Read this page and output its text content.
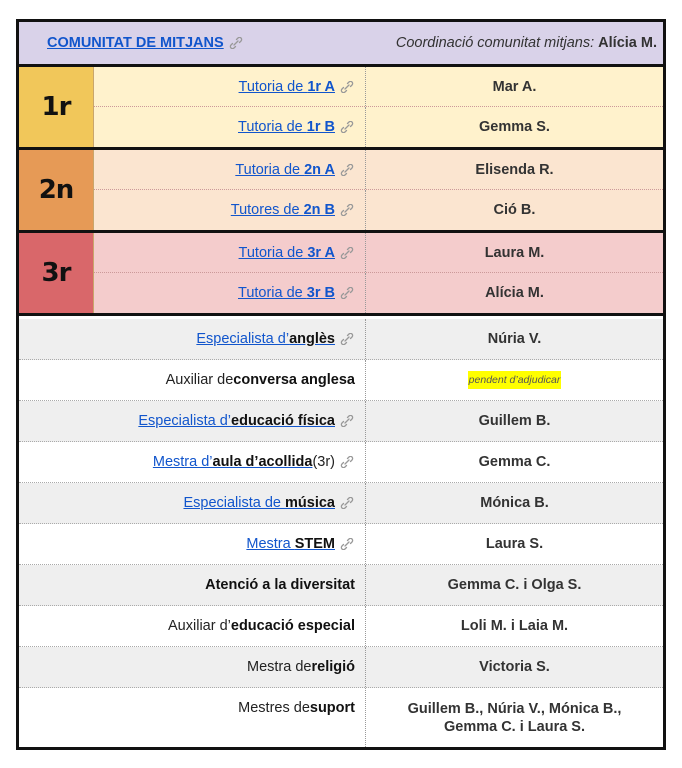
COMUNITAT DE MITJANS	Coordinació comunitat mitjans: Alícia M.
1r
Tutoria de 1r A	Mar A.
Tutoria de 1r B	Gemma S.
2n
Tutoria de 2n A	Elisenda R.
Tutores de 2n B	Ció B.
3r
Tutoria de 3r A	Laura M.
Tutoria de 3r B	Alícia M.
Especialista d’anglès	Núria V.
Auxiliar de conversa anglesa	pendent d’adjudicar
Especialista d’educació física	Guillem B.
Mestra d’aula d’acollida (3r)	Gemma C.
Especialista de música	Mónica B.
Mestra STEM	Laura S.
Atenció a la diversitat	Gemma C. i Olga S.
Auxiliar d’ educació especial	Loli M. i Laia M.
Mestra de religió	Victoria S.
Mestres de suport	Guillem B., Núria V., Mónica B.,
Gemma C. i Laura S.
